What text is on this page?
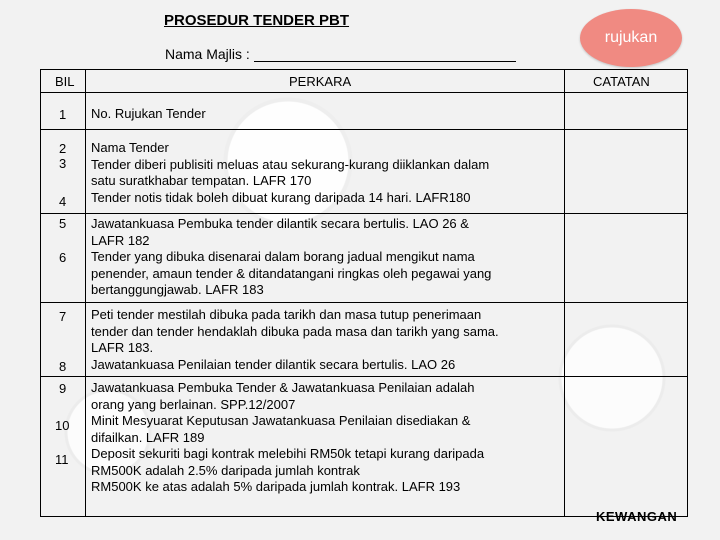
PROSEDUR TENDER PBT
Nama Majlis :
rujukan
BIL	PERKARA	CATATAN
1
2
3
4
5
6
7
8
9
10
11
No. Rujukan Tender
Nama Tender
Tender diberi publisiti meluas atau sekurang-kurang diiklankan dalam
satu suratkhabar tempatan. LAFR 170
Tender notis tidak boleh dibuat kurang daripada 14 hari. LAFR180
Jawatankuasa Pembuka tender dilantik secara bertulis. LAO 26 &
LAFR 182
Tender yang dibuka disenarai dalam borang jadual mengikut nama
penender, amaun tender & ditandatangani ringkas oleh pegawai yang
bertanggungjawab. LAFR 183
Peti tender mestilah dibuka pada tarikh dan masa tutup penerimaan
tender dan tender hendaklah dibuka pada masa dan tarikh yang sama.
LAFR 183.
Jawatankuasa Penilaian tender dilantik secara bertulis. LAO 26
Jawatankuasa Pembuka Tender & Jawatankuasa Penilaian adalah
orang yang berlainan. SPP.12/2007
Minit Mesyuarat Keputusan Jawatankuasa Penilaian disediakan &
difailkan. LAFR 189
Deposit sekuriti bagi kontrak melebihi RM50k tetapi kurang daripada
RM500K adalah 2.5% daripada jumlah kontrak
RM500K ke atas adalah 5% daripada jumlah kontrak. LAFR 193
KEWANGAN
